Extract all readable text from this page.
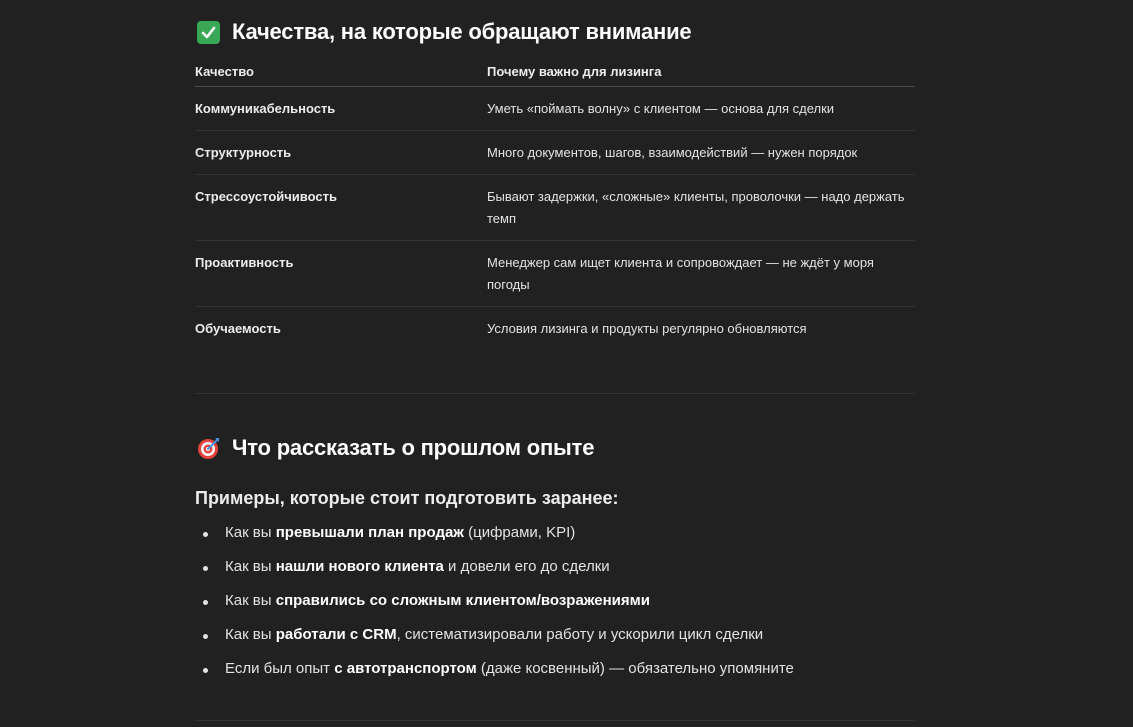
Качества, на которые обращают внимание
Качество	Почему важно для лизинга
Коммуникабельность	Уметь «поймать волну» с клиентом — основа для сделки
Структурность	Много документов, шагов, взаимодействий — нужен порядок
Стрессоустойчивость	Бывают задержки, «сложные» клиенты, проволочки — надо держать темп
Проактивность	Менеджер сам ищет клиента и сопровождает — не ждёт у моря погоды
Обучаемость	Условия лизинга и продукты регулярно обновляются
Что рассказать о прошлом опыте
Примеры, которые стоит подготовить заранее:
Как вы превышали план продаж (цифрами, KPI)
Как вы нашли нового клиента и довели его до сделки
Как вы справились со сложным клиентом/возражениями
Как вы работали с CRM, систематизировали работу и ускорили цикл сделки
Если был опыт с автотранспортом (даже косвенный) — обязательно упомяните
